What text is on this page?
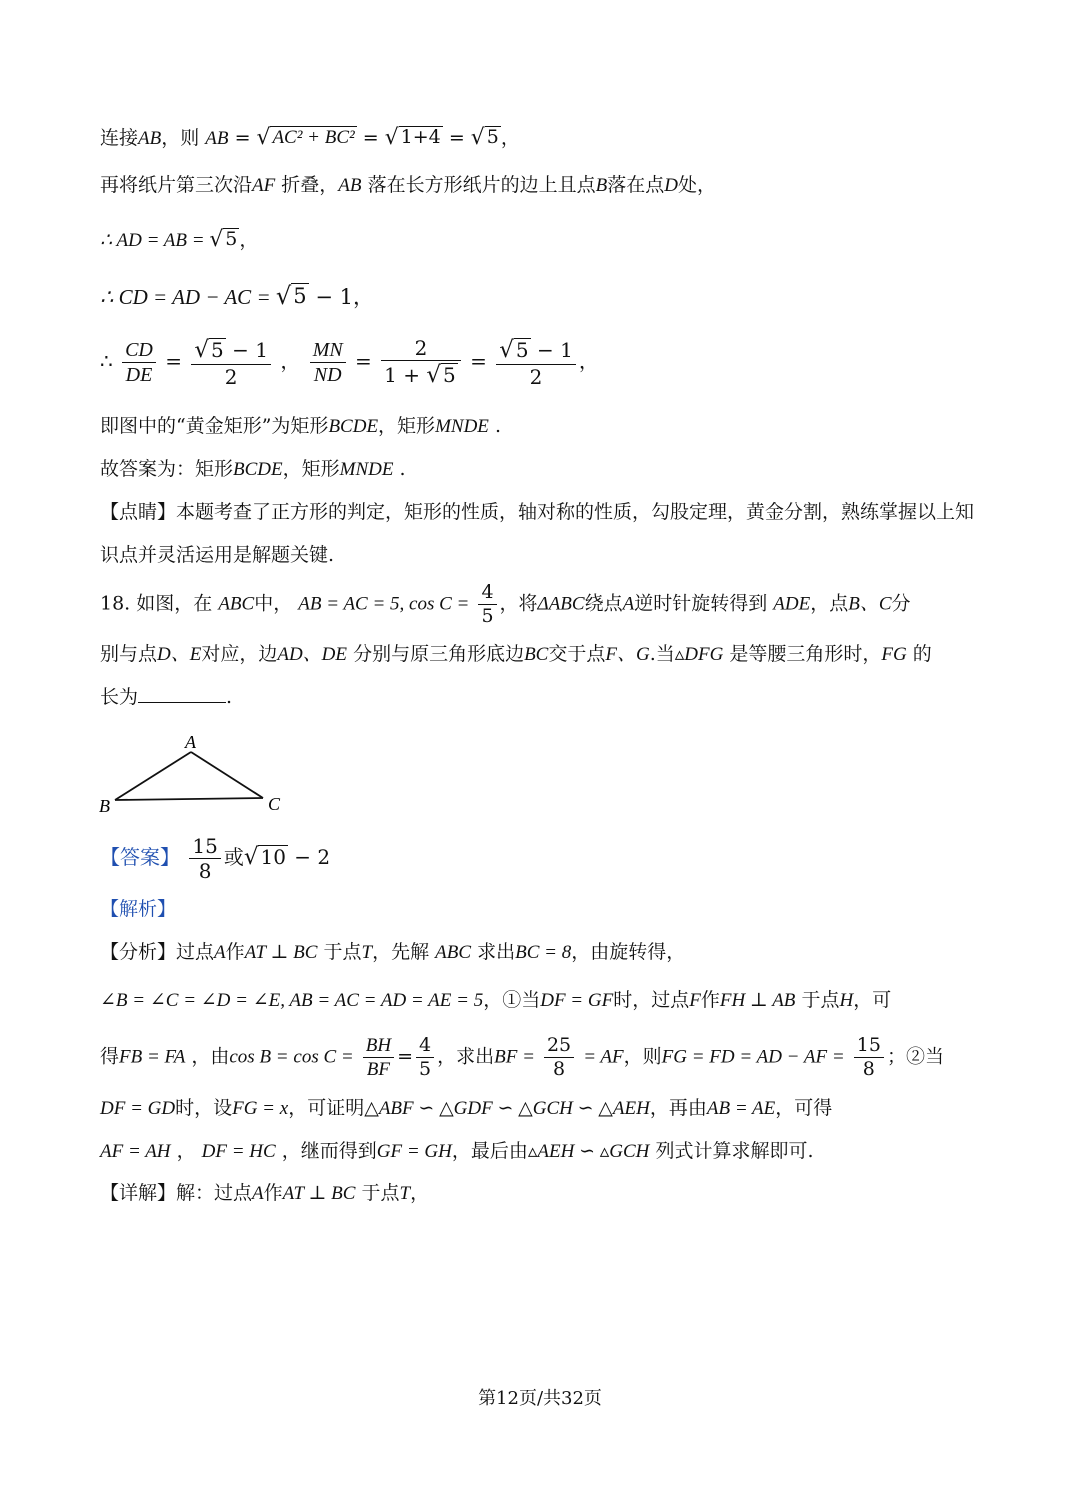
连接AB，则 AB = √ AC² + BC² = √ 1+4 = √ 5 ，
再将纸片第三次沿AF 折叠，AB 落在长方形纸片的边上且点B落在点D处，
∴ AD = AB = √ 5 ，
∴ CD = AD − AC = √ 5 − 1，
∴ $\frac{CD}{DE} = \frac{√ 5 - 1}{2}$ ， $\frac{MN}{ND} = \frac{2}{1 + √ 5} = \frac{√ 5 - 1}{2}$ ，
即图中的“黄金矩形”为矩形BCDE，矩形MNDE .
故答案为：矩形BCDE，矩形MNDE .
【点睛】本题考查了正方形的判定，矩形的性质，轴对称的性质，勾股定理，黄金分割，熟练掌握以上知
识点并灵活运用是解题关键.
18. 如图，在 ABC中， AB = AC = 5, $\cos C = \frac{4}{5}$ ，将ΔABC绕点A逆时针旋转得到 ADE，点B、C分
别与点D、E对应，边AD、DE 分别与原三角形底边BC交于点F、G.当▵DFG 是等腰三角形时，FG 的
长为	.
A
B	C
【答案】 $\frac{15}{8}$ 或 √ 10 − 2
【解析】
【分析】过点A作AT ⊥ BC 于点T，先解 ABC 求出BC = 8，由旋转得，
∠B = ∠C = ∠D = ∠E, AB = AC = AD = AE = 5，①当DF = GF时，过点F作FH ⊥ AB 于点H，可
得FB = FA ，由$\cos B = \cos C = \frac{BH}{BF} = \frac{4}{5}$ ，求出BF = $\frac{25}{8}$ = AF，则FG = FD = AD − AF = $\frac{15}{8}$ ；②当
DF = GD时，设FG = x，可证明△ABF ∽ △GDF ∽ △GCH ∽ △AEH，再由AB = AE，可得
AF = AH ， DF = HC ，继而得到GF = GH，最后由▵AEH ∽ ▵GCH 列式计算求解即可.
【详解】解：过点A作AT ⊥ BC 于点T，
第12页/共32页
